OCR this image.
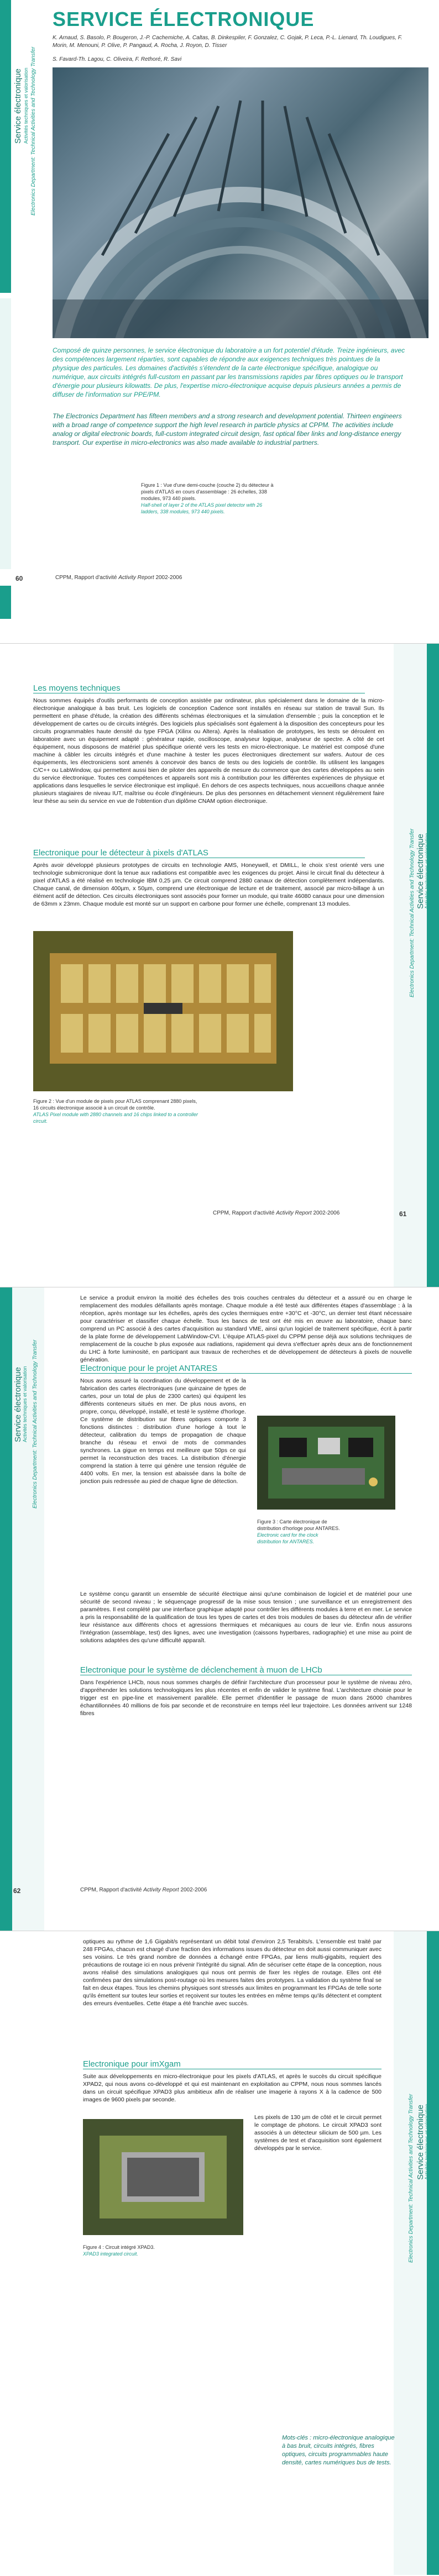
Service électronique Activités techniques et valorisation Electronics Department: Technical Activities and Technology Transfer
SERVICE ÉLECTRONIQUE
K. Arnaud, S. Basolo, P. Bougeron, J.-P. Cachemiche, A. Caltas, B. Dinkespiler, F. Gonzalez, C. Gojak, P. Leca, P.-L. Lienard, Th. Loudigues, F. Morin, M. Menouni, P. Olive, P. Pangaud, A. Rocha, J. Royon, D. Tisser
S. Favard-Th. Lagou, C. Oliveira, F. Rethoré, R. Savi
Composé de quinze personnes, le service électronique du laboratoire a un fort potentiel d'étude. Treize ingénieurs, avec des compétences largement réparties, sont capables de répondre aux exigences techniques très pointues de la physique des particules. Les domaines d'activités s'étendent de la carte électronique spécifique, analogique ou numérique, aux circuits intégrés full-custom en passant par les transmissions rapides par fibres optiques ou le transport d'énergie pour plusieurs kilowatts. De plus, l'expertise micro-électronique acquise depuis plusieurs années a permis de diffuser de l'information sur PPE/PM.
The Electronics Department has fifteen members and a strong research and development potential. Thirteen engineers with a broad range of competence support the high level research in particle physics at CPPM. The activities include analog or digital electronic boards, full-custom integrated circuit design, fast optical fiber links and long-distance energy transport. Our expertise in micro-electronics was also made available to industrial partners.
Figure 1 : Vue d'une demi-couche (couche 2) du détecteur à pixels d'ATLAS en cours d'assemblage : 26 échelles, 338 modules, 973 440 pixels.
Half-shell of layer 2 of the ATLAS pixel detector with 26 ladders, 338 modules, 973 440 pixels.
60	CPPM, Rapport d'activité Activity Report 2002-2006
Service électronique
Activités techniques et valorisation
Electronics Department: Technical Activities and Technology Transfer
Les moyens techniques
Nous sommes équipés d'outils performants de conception assistée par ordinateur, plus spécialement dans le domaine de la micro-électronique analogique à bas bruit. Les logiciels de conception Cadence sont installés en réseau sur station de travail Sun. Ils permettent en phase d'étude, la création des différents schémas électroniques et la simulation d'ensemble ; puis la conception et le développement de cartes ou de circuits intégrés. Des logiciels plus spécialisés sont également à la disposition des concepteurs pour les circuits programmables haute densité du type FPGA (Xilinx ou Altera). Après la réalisation de prototypes, les tests se déroulent en laboratoire avec un équipement adapté : générateur rapide, oscilloscope, analyseur logique, analyseur de spectre. A côté de cet équipement, nous disposons de matériel plus spécifique orienté vers les tests en micro-électronique. Le matériel est composé d'une machine à câbler les circuits intégrés et d'une machine à tester les puces électroniques directement sur wafers. Autour de ces équipements, les électroniciens sont amenés à concevoir des bancs de tests ou des logiciels de contrôle. Ils utilisent les langages C/C++ ou LabWindow, qui permettent aussi bien de piloter des appareils de mesure du commerce que des cartes développées au sein du service électronique. Toutes ces compétences et appareils sont mis à contribution pour les différentes expériences de physique et applications dans lesquelles le service électronique est impliqué. En dehors de ces aspects techniques, nous accueillons chaque année plusieurs stagiaires de niveau IUT, maîtrise ou école d'ingénieurs. De plus des personnes en détachement viennent régulièrement faire leur thèse au sein du service en vue de l'obtention d'un diplôme CNAM option électronique.
Electronique pour le détecteur à pixels d'ATLAS
Après avoir développé plusieurs prototypes de circuits en technologie AMS, Honeywell, et DMILL, le choix s'est orienté vers une technologie submicronique dont la tenue aux radiations est compatible avec les exigences du projet. Ainsi le circuit final du détecteur à pixel d'ATLAS a été réalisé en technologie IBM 0,25 µm. Ce circuit comprend 2880 canaux de détection complètement indépendants. Chaque canal, de dimension 400µm, x 50µm, comprend une électronique de lecture et de traitement, associé par micro-billage à un élément actif de détection. Ces circuits électroniques sont associés pour former un module, qui traite 46080 canaux pour une dimension de 63mm x 23mm. Chaque module est monté sur un support en carbone pour former une échelle, comprenant 13 modules.
Figure 2 : Vue d'un module de pixels pour ATLAS comprenant 2880 pixels, 16 circuits électronique associé à un circuit de contrôle.
ATLAS Pixel module with 2880 channels and 16 chips linked to a controller circuit.
CPPM, Rapport d'activité Activity Report 2002-2006	61
Service électronique Activités techniques et valorisation Electronics Department: Technical Activities and Technology Transfer
Le service a produit environ la moitié des échelles des trois couches centrales du détecteur et a assuré ou en charge le remplacement des modules défaillants après montage. Chaque module a été testé aux différentes étapes d'assemblage : à la réception, après montage sur les échelles, après des cycles thermiques entre +30°C et -30°C, un dernier test étant nécessaire pour caractériser et classifier chaque échelle. Tous les bancs de test ont été mis en œuvre au laboratoire, chaque banc comprend un PC associé à des cartes d'acquisition au standard VME, ainsi qu'un logiciel de traitement spécifique, écrit à partir de la plate forme de développement LabWindow-CVI. L'équipe ATLAS-pixel du CPPM pense déjà aux solutions techniques de remplacement de la couche b plus exposée aux radiations, rapidement qui devra s'effectuer après deux ans de fonctionnement du LHC à forte luminosité, en participant aux travaux de recherches et de développement de détecteurs à pixels de nouvelle génération.
Electronique pour le projet ANTARES
Nous avons assuré la coordination du développement et de la fabrication des cartes électroniques (une quinzaine de types de cartes, pour un total de plus de 2300 cartes) qui équipent les différents conteneurs situés en mer. De plus nous avons, en propre, conçu, développé, installé, et testé le système d'horloge. Ce système de distribution sur fibres optiques comporte 3 fonctions distinctes : distribution d'une horloge à tout le détecteur, calibration du temps de propagation de chaque branche du réseau et envoi de mots de commandes synchrones. La gigue en temps est meilleure que 50ps ce qui permet la reconstruction des traces. La distribution d'énergie comprend la station à terre qui génère une tension régulée de 4400 volts. En mer, la tension est abaissée dans la boîte de jonction puis redressée au pied de chaque ligne de détection.
Figure 3 : Carte électronique de distribution d'horloge pour ANTARES.
Electronic card for the clock distribution for ANTARES.
Le système conçu garantit un ensemble de sécurité électrique ainsi qu'une combinaison de logiciel et de matériel pour une sécurité de second niveau ; le séquençage progressif de la mise sous tension ; une surveillance et un enregistrement des paramètres. Il est complété par une interface graphique adapté pour contrôler les différents modules à terre et en mer. Le service a pris la responsabilité de la qualification de tous les types de cartes et des trois modules de bases du détecteur afin de vérifier leur résistance aux différents chocs et agressions thermiques et mécaniques au cours de leur vie. Enfin nous assurons l'intégration (assemblage, test) des lignes, avec une investigation (caissons hyperbares, radiographie) et une mise au point de solutions adaptées des qu'une difficulté apparaît.
Electronique pour le système de déclenchement à muon de LHCb
Dans l'expérience LHCb, nous nous sommes chargés de définir l'architecture d'un processeur pour le système de niveau zéro, d'appréhender les solutions technologiques les plus récentes et enfin de valider le système final. L'architecture choisie pour le trigger est en pipe-line et massivement parallèle. Elle permet d'identifier le passage de muon dans 26000 chambres échantillonnées 40 millions de fois par seconde et de reconstruire en temps réel leur trajectoire. Les données arrivent sur 1248 fibres
62	CPPM, Rapport d'activité Activity Report 2002-2006
Service électronique
Activités techniques et valorisation
Electronics Department: Technical Activities and Technology Transfer
optiques au rythme de 1,6 Gigabit/s représentant un débit total d'environ 2,5 Terabits/s. L'ensemble est traité par 248 FPGAs, chacun est chargé d'une fraction des informations issues du détecteur en doit aussi communiquer avec ses voisins. Le très grand nombre de données a échangé entre FPGAs, par liens multi-gigabits, requiert des précautions de routage ici en nous prévenir l'intégrité du signal. Afin de sécuriser cette étape de la conception, nous avons réalisé des simulations analogiques qui nous ont permis de fixer les règles de routage. Elles ont été confirmées par des simulations post-routage où les mesures faites des prototypes. La validation du système final se fait en deux étapes. Tous les chemins physiques sont stressés aux limites en programmant les FPGAs de telle sorte qu'ils émettent sur toutes leur sorties et reçoivent sur toutes les entrées en même temps qu'ils détectent et comptent des erreurs éventuelles. Cette étape a été franchie avec succès.
Electronique pour imXgam
Suite aux développements en micro-électronique pour les pixels d'ATLAS, et après le succès du circuit spécifique XPAD2, qui nous avons co-développé et qui est maintenant en exploitation au CPPM, nous nous sommes lancés dans un circuit spécifique XPAD3 plus ambitieux afin de réaliser une imagerie à rayons X à la cadence de 500 images de 9600 pixels par seconde.
Les pixels de 130 µm de côté et le circuit permet le comptage de photons. Le circuit XPAD3 sont associés à un détecteur silicium de 500 µm. Les systèmes de test et d'acquisition sont également développés par le service.
Figure 4 : Circuit intégré XPAD3.
XPAD3 integrated circuit.
Mots-clés : micro-électronique analogique à bas bruit, circuits intégrés, fibres optiques, circuits programmables haute densité, cartes numériques bus de tests.
